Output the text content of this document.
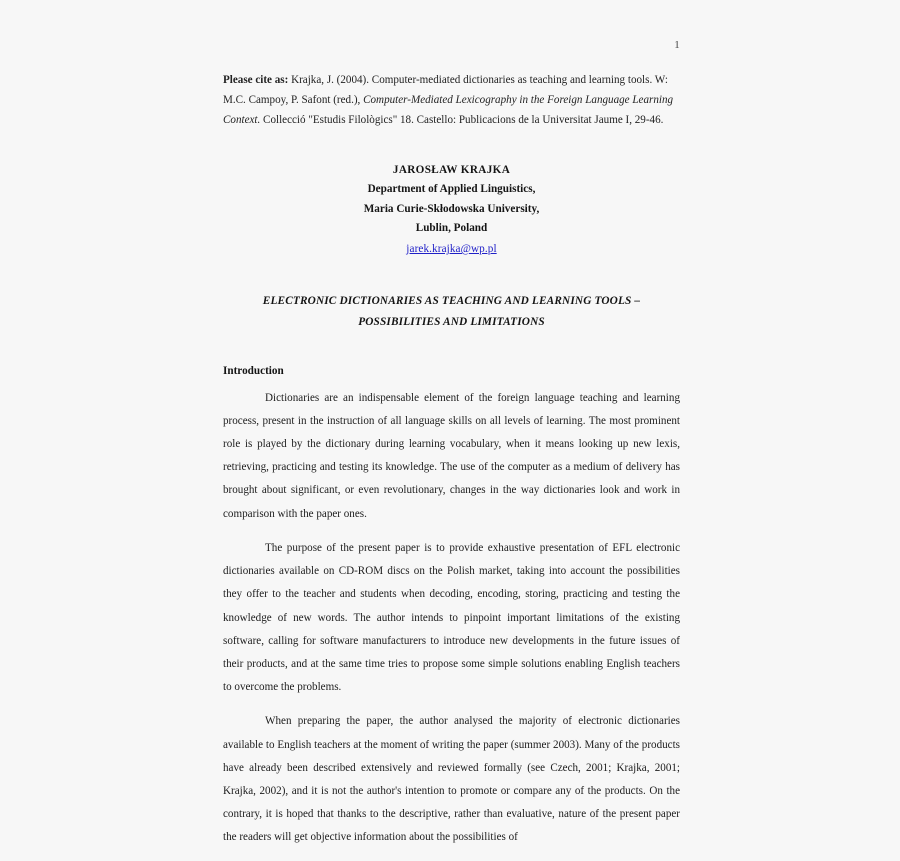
1

Please cite as: Krajka, J. (2004). Computer-mediated dictionaries as teaching and learning tools. W: M.C. Campoy, P. Safont (red.), Computer-Mediated Lexicography in the Foreign Language Learning Context. Collecció "Estudis Filològics" 18. Castello: Publicacions de la Universitat Jaume I, 29-46.

JAROSŁAW KRAJKA
Department of Applied Linguistics,
Maria Curie-Skłodowska University,
Lublin, Poland
jarek.krajka@wp.pl
ELECTRONIC DICTIONARIES AS TEACHING AND LEARNING TOOLS –
POSSIBILITIES AND LIMITATIONS
Introduction

Dictionaries are an indispensable element of the foreign language teaching and learning process, present in the instruction of all language skills on all levels of learning. The most prominent role is played by the dictionary during learning vocabulary, when it means looking up new lexis, retrieving, practicing and testing its knowledge. The use of the computer as a medium of delivery has brought about significant, or even revolutionary, changes in the way dictionaries look and work in comparison with the paper ones.

The purpose of the present paper is to provide exhaustive presentation of EFL electronic dictionaries available on CD-ROM discs on the Polish market, taking into account the possibilities they offer to the teacher and students when decoding, encoding, storing, practicing and testing the knowledge of new words. The author intends to pinpoint important limitations of the existing software, calling for software manufacturers to introduce new developments in the future issues of their products, and at the same time tries to propose some simple solutions enabling English teachers to overcome the problems.

When preparing the paper, the author analysed the majority of electronic dictionaries available to English teachers at the moment of writing the paper (summer 2003). Many of the products have already been described extensively and reviewed formally (see Czech, 2001; Krajka, 2001; Krajka, 2002), and it is not the author's intention to promote or compare any of the products. On the contrary, it is hoped that thanks to the descriptive, rather than evaluative, nature of the present paper the readers will get objective information about the possibilities of
